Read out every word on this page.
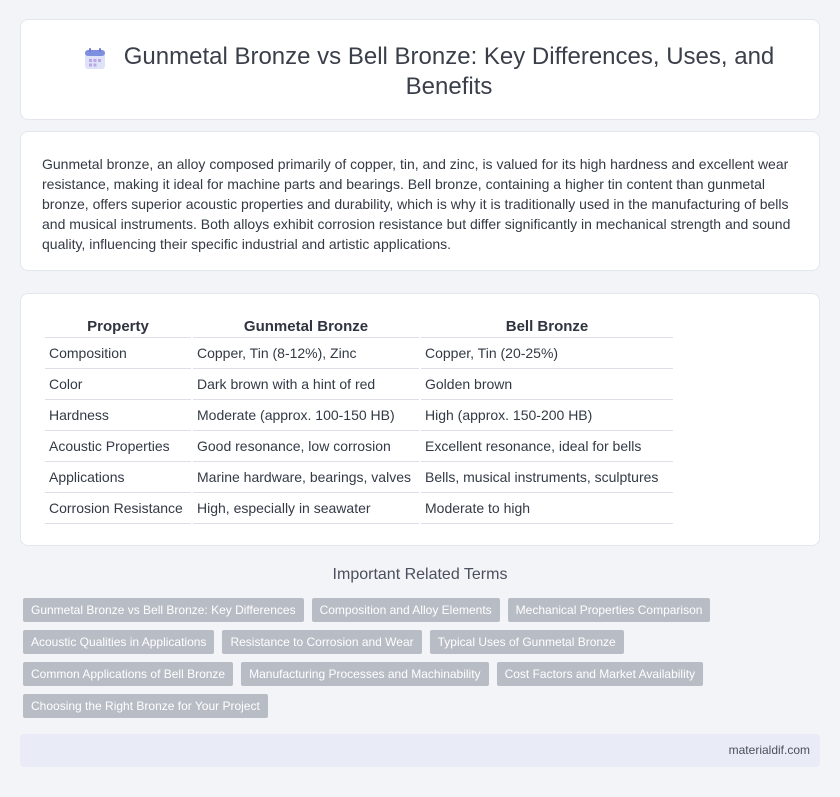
Gunmetal Bronze vs Bell Bronze: Key Differences, Uses, and Benefits

Gunmetal bronze, an alloy composed primarily of copper, tin, and zinc, is valued for its high hardness and excellent wear resistance, making it ideal for machine parts and bearings. Bell bronze, containing a higher tin content than gunmetal bronze, offers superior acoustic properties and durability, which is why it is traditionally used in the manufacturing of bells and musical instruments. Both alloys exhibit corrosion resistance but differ significantly in mechanical strength and sound quality, influencing their specific industrial and artistic applications.

Property	Gunmetal Bronze	Bell Bronze
Composition	Copper, Tin (8-12%), Zinc	Copper, Tin (20-25%)
Color	Dark brown with a hint of red	Golden brown
Hardness	Moderate (approx. 100-150 HB)	High (approx. 150-200 HB)
Acoustic Properties	Good resonance, low corrosion	Excellent resonance, ideal for bells
Applications	Marine hardware, bearings, valves	Bells, musical instruments, sculptures
Corrosion Resistance	High, especially in seawater	Moderate to high
Important Related Terms
Gunmetal Bronze vs Bell Bronze: Key Differences	Composition and Alloy Elements	Mechanical Properties Comparison
Acoustic Qualities in Applications	Resistance to Corrosion and Wear	Typical Uses of Gunmetal Bronze
Common Applications of Bell Bronze	Manufacturing Processes and Machinability	Cost Factors and Market Availability
Choosing the Right Bronze for Your Project
materialdif.com
